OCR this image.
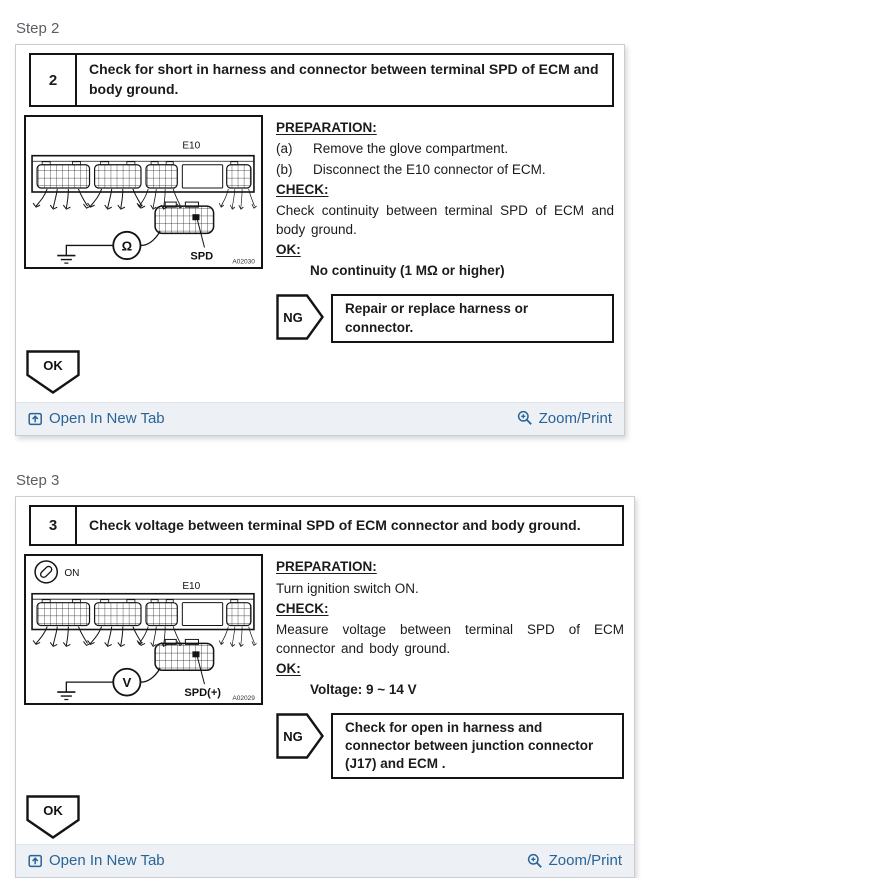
Step 2
2
Check for short in harness and connector between terminal SPD of ECM and body ground.
E10
Ω
SPD	A02030
PREPARATION:
(a)	Remove the glove compartment.
(b)	Disconnect the E10 connector of ECM.
CHECK:
Check continuity between terminal SPD of ECM and body ground.
OK:
No continuity (1 MΩ or higher)
NG
Repair or replace harness or connector.
OK
Open In New Tab	Zoom/Print
Step 3
3	Check voltage between terminal SPD of ECM connector and body ground.
ON
E10
V
SPD(+) A02029
PREPARATION:
Turn ignition switch ON.
CHECK:
Measure voltage between terminal SPD of ECM connector and body ground.
OK:
Voltage: 9 ~ 14 V
NG
Check for open in harness and connector between junction connector (J17) and ECM .
OK
Open In New Tab	Zoom/Print
